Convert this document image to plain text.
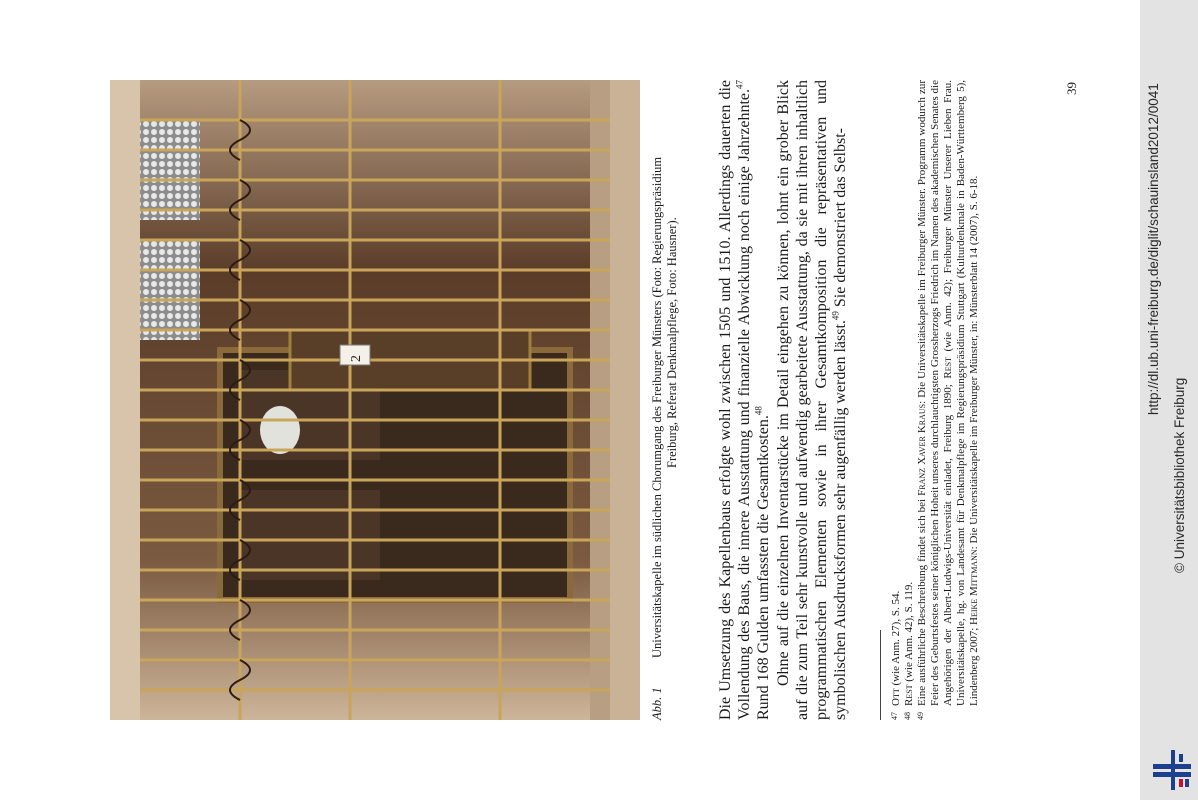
2
Abb. 1
Universitätskapelle im südlichen Chorumgang des Freiburger Münsters (Foto: Regierungspräsidium
Freiburg, Referat Denkmalpflege, Foto: Hausner). Die Umsetzung des Kapellenbaus erfolgte wohl zwischen 1505 und 1510. Allerdings dauerten die Vollendung des Baus, die innere Ausstattung und finanzielle Abwicklung noch einige Jahrzehnte.$^{47}$ Rund 168 Gulden umfassten die Gesamtkosten.$^{48}$ Ohne auf die einzelnen Inventarstücke im Detail eingehen zu können, lohnt ein grober Blick auf die zum Teil sehr kunstvolle und aufwendig gearbeitete Ausstattung, da sie mit ihren inhaltlich programmatischen Elementen sowie in ihrer Gesamtkomposition die repräsentativen und symbolischen Ausdrucksformen sehr augenfällig werden lässt.$^{49}$ Sie demonstriert das Selbst-

47
Ott (wie Anm. 27), S. 54.
48
Rest (wie Anm. 42), S. 119.
49
Eine ausführliche Beschreibung findet sich bei Franz Xaver Kraus: Die Universitätskapelle im Freiburger Münster. Programm wodurch zur Feier des Geburtsfestes seiner königlichen Hoheit unseres durchlauchtigsten Grossherzogs Friedrich im Namen des akademischen Senates die Angehörigen der Albert-Ludwigs-Universität einladet, Freiburg 1890; Rest (wie Anm. 42); Freiburger Münster Unserer Lieben Frau. Universitätskapelle, hg. von Landesamt für Denkmalpflege im Regierungspräsidium Stuttgart (Kulturdenkmale in Baden-Württemberg 5), Lindenberg 2007; Heike Mittmann: Die Universitätskapelle im Freiburger Münster, in: Münsterblatt 14 (2007), S. 6-18.
39	http://dl.ub.uni-freiburg.de/diglit/schauinsland2012/0041
© Universitätsbibliothek Freiburg
